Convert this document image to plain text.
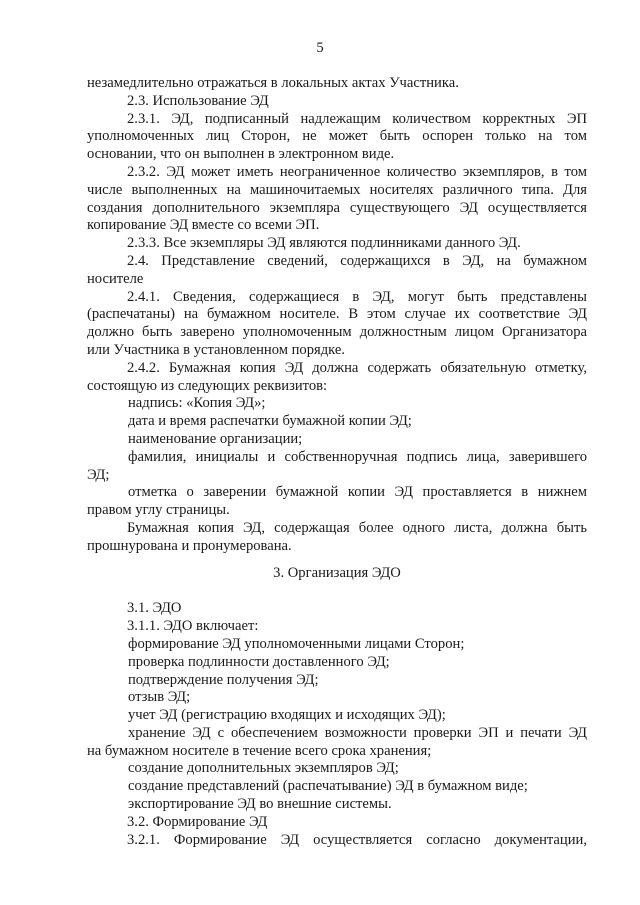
5
незамедлительно отражаться в локальных актах Участника.
2.3. Использование ЭД
2.3.1. ЭД, подписанный надлежащим количеством корректных ЭП
уполномоченных лиц Сторон, не может быть оспорен только на том
основании, что он выполнен в электронном виде.
2.3.2. ЭД может иметь неограниченное количество экземпляров, в том
числе выполненных на машиночитаемых носителях различного типа. Для
создания дополнительного экземпляра существующего ЭД осуществляется
копирование ЭД вместе со всеми ЭП.
2.3.3. Все экземпляры ЭД являются подлинниками данного ЭД.
2.4. Представление сведений, содержащихся в ЭД, на бумажном
носителе
2.4.1. Сведения, содержащиеся в ЭД, могут быть представлены
(распечатаны) на бумажном носителе. В этом случае их соответствие ЭД
должно быть заверено уполномоченным должностным лицом Организатора
или Участника в установленном порядке.
2.4.2. Бумажная копия ЭД должна содержать обязательную отметку,
состоящую из следующих реквизитов:
надпись: «Копия ЭД»;
дата и время распечатки бумажной копии ЭД;
наименование организации;
фамилия, инициалы и собственноручная подпись лица, заверившего
ЭД;
отметка о заверении бумажной копии ЭД проставляется в нижнем
правом углу страницы.
Бумажная копия ЭД, содержащая более одного листа, должна быть
прошнурована и пронумерована.
3. Организация ЭДО
3.1. ЭДО
3.1.1. ЭДО включает:
формирование ЭД уполномоченными лицами Сторон;
проверка подлинности доставленного ЭД;
подтверждение получения ЭД;
отзыв ЭД;
учет ЭД (регистрацию входящих и исходящих ЭД);
хранение ЭД с обеспечением возможности проверки ЭП и печати ЭД
на бумажном носителе в течение всего срока хранения;
создание дополнительных экземпляров ЭД;
создание представлений (распечатывание) ЭД в бумажном виде;
экспортирование ЭД во внешние системы.
3.2. Формирование ЭД
3.2.1. Формирование ЭД осуществляется согласно документации,
